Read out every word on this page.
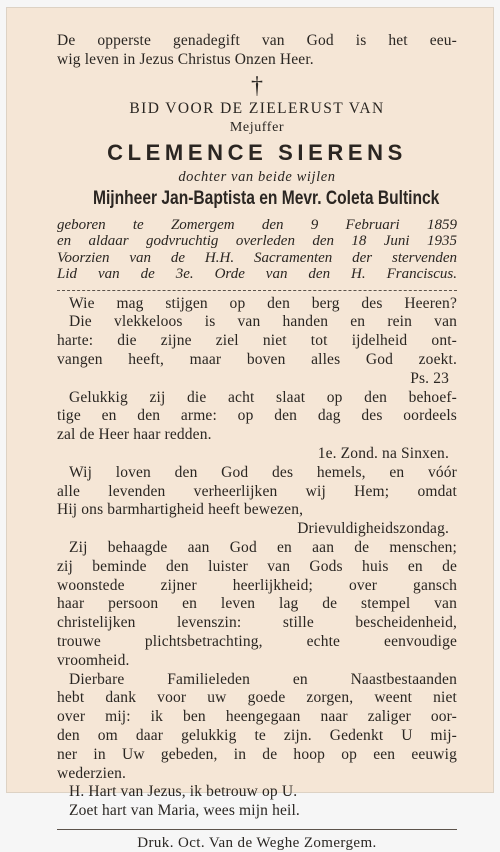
De opperste genadegift van God is het eeu-
wig leven in Jezus Christus Onzen Heer.
†
BID VOOR DE ZIELERUST VAN
Mejuffer
CLEMENCE SIERENS
dochter van beide wijlen
Mijnheer Jan-Baptista en Mevr. Coleta Bultinck
geboren te Zomergem den 9 Februari 1859
en aldaar godvruchtig overleden den 18 Juni 1935
Voorzien van de H.H. Sacramenten der stervenden
Lid van de 3e. Orde van den H. Franciscus.
Wie mag stijgen op den berg des Heeren?
Die vlekkeloos is van handen en rein van
harte: die zijne ziel niet tot ijdelheid ont-
vangen heeft, maar boven alles God zoekt.
Ps. 23
Gelukkig zij die acht slaat op den behoef-
tige en den arme: op den dag des oordeels
zal de Heer haar redden.
1e. Zond. na Sinxen.
Wij loven den God des hemels, en vóór
alle levenden verheerlijken wij Hem; omdat
Hij ons barmhartigheid heeft bewezen,
Drievuldigheidszondag.
Zij behaagde aan God en aan de menschen;
zij beminde den luister van Gods huis en de
woonstede zijner heerlijkheid; over gansch
haar persoon en leven lag de stempel van
christelijken levenszin: stille bescheidenheid,
trouwe plichtsbetrachting, echte eenvoudige
vroomheid.
Dierbare Familieleden en Naastbestaanden
hebt dank voor uw goede zorgen, weent niet
over mij: ik ben heengegaan naar zaliger oor-
den om daar gelukkig te zijn. Gedenkt U mij-
ner in Uw gebeden, in de hoop op een eeuwig
wederzien.
H. Hart van Jezus, ik betrouw op U.
Zoet hart van Maria, wees mijn heil.
Druk. Oct. Van de Weghe Zomergem.
